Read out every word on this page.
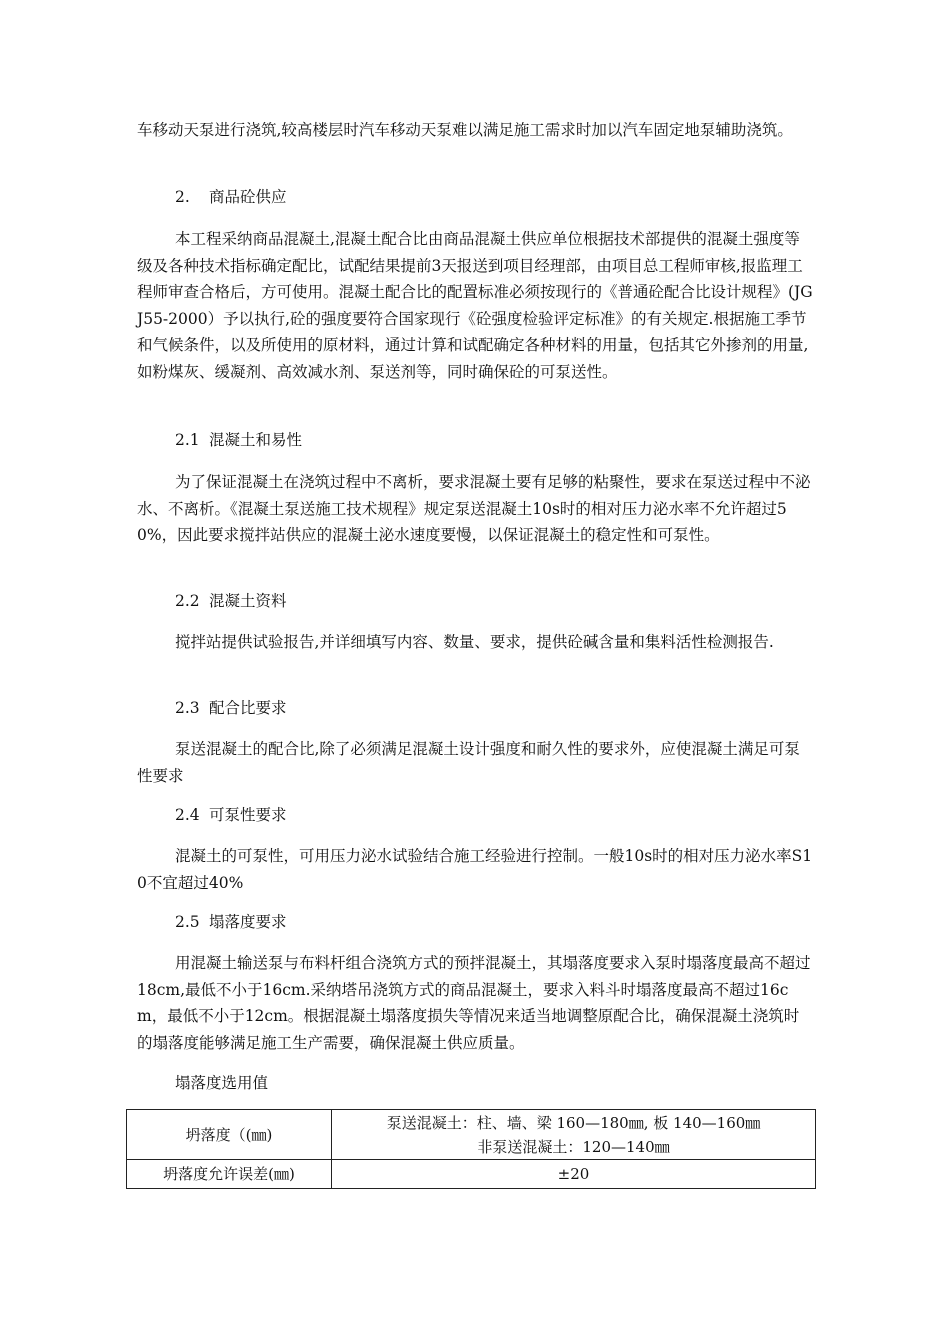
车移动天泵进行浇筑,较高楼层时汽车移动天泵难以满足施工需求时加以汽车固定地泵辅助浇筑。

2. 商品砼供应

本工程采纳商品混凝土,混凝土配合比由商品混凝土供应单位根据技术部提供的混凝土强度等级及各种技术指标确定配比，试配结果提前3天报送到项目经理部，由项目总工程师审核,报监理工程师审查合格后，方可使用。混凝土配合比的配置标准必须按现行的《普通砼配合比设计规程》(JGJ55-2000）予以执行,砼的强度要符合国家现行《砼强度检验评定标准》的有关规定.根据施工季节和气候条件，以及所使用的原材料，通过计算和试配确定各种材料的用量，包括其它外掺剂的用量,如粉煤灰、缓凝剂、高效减水剂、泵送剂等，同时确保砼的可泵送性。

2.1 混凝土和易性

为了保证混凝土在浇筑过程中不离析，要求混凝土要有足够的粘聚性，要求在泵送过程中不泌水、不离析。《混凝土泵送施工技术规程》规定泵送混凝土10s时的相对压力泌水率不允许超过50%，因此要求搅拌站供应的混凝土泌水速度要慢，以保证混凝土的稳定性和可泵性。

2.2 混凝土资料

搅拌站提供试验报告,并详细填写内容、数量、要求，提供砼碱含量和集料活性检测报告.

2.3 配合比要求

泵送混凝土的配合比,除了必须满足混凝土设计强度和耐久性的要求外，应使混凝土满足可泵性要求

2.4 可泵性要求

混凝土的可泵性，可用压力泌水试验结合施工经验进行控制。一般10s时的相对压力泌水率S10不宜超过40%

2.5 塌落度要求

用混凝土输送泵与布料杆组合浇筑方式的预拌混凝土，其塌落度要求入泵时塌落度最高不超过18cm,最低不小于16cm.采纳塔吊浇筑方式的商品混凝土，要求入料斗时塌落度最高不超过16cm，最低不小于12cm。根据混凝土塌落度损失等情况来适当地调整原配合比，确保混凝土浇筑时的塌落度能够满足施工生产需要，确保混凝土供应质量。

塌落度选用值

坍落度（(㎜)	泵送混凝土：柱、墙、梁 160—180㎜, 板 140—160㎜
非泵送混凝土：120—140㎜

坍落度允许误差(㎜)	±20
